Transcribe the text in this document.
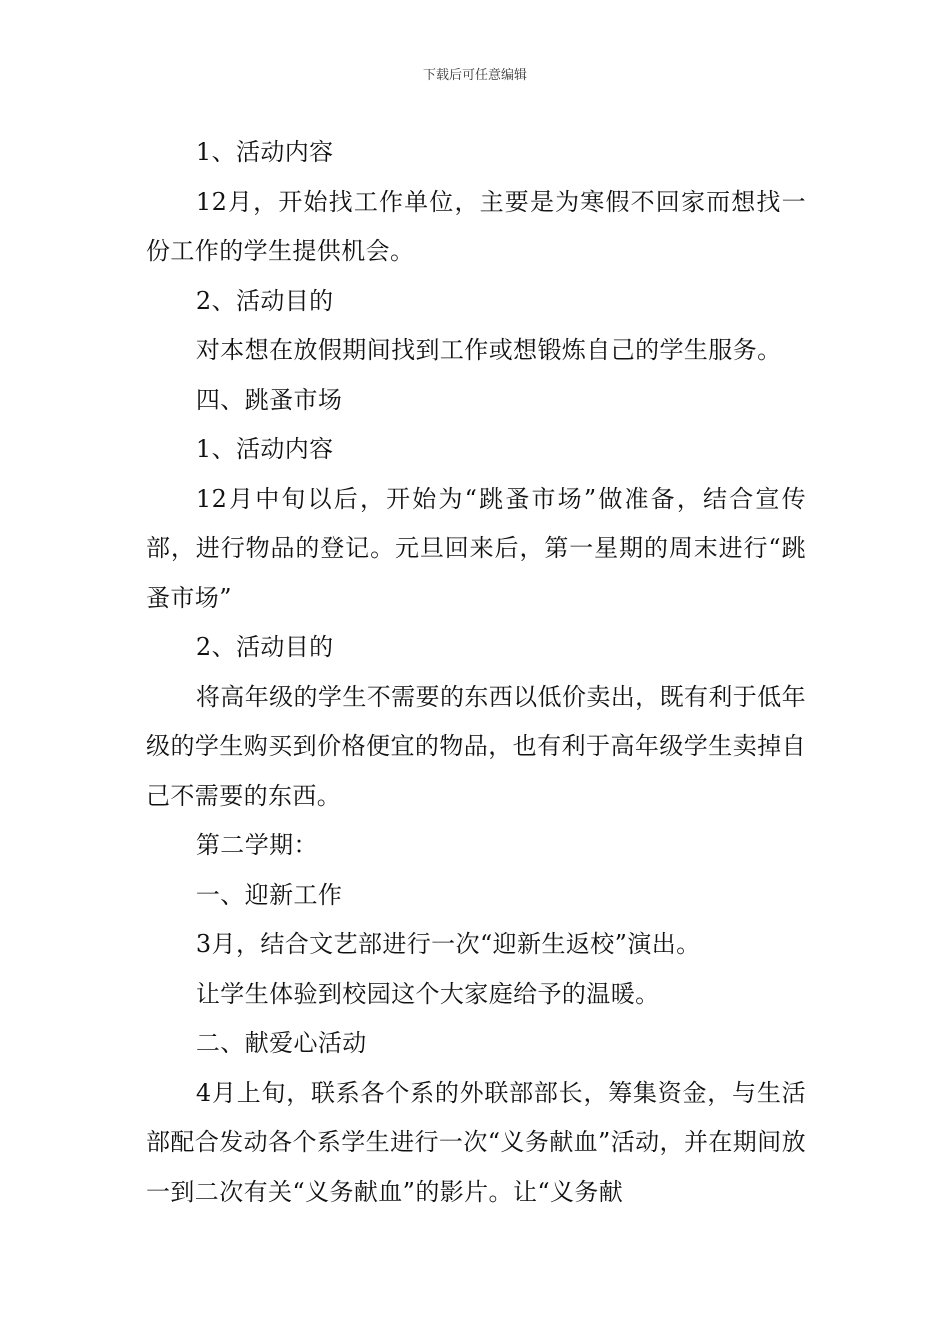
下载后可任意编辑

1、活动内容

12月，开始找工作单位，主要是为寒假不回家而想找一份工作的学生提供机会。

2、活动目的

对本想在放假期间找到工作或想锻炼自己的学生服务。

四、跳蚤市场

1、活动内容

12月中旬以后，开始为“跳蚤市场”做准备，结合宣传部，进行物品的登记。元旦回来后，第一星期的周末进行“跳蚤市场”

2、活动目的

将高年级的学生不需要的东西以低价卖出，既有利于低年级的学生购买到价格便宜的物品，也有利于高年级学生卖掉自己不需要的东西。

第二学期：

一、迎新工作

3月，结合文艺部进行一次“迎新生返校”演出。

让学生体验到校园这个大家庭给予的温暖。

二、献爱心活动

4月上旬，联系各个系的外联部部长，筹集资金，与生活部配合发动各个系学生进行一次“义务献血”活动，并在期间放一到二次有关“义务献血”的影片。让“义务献
